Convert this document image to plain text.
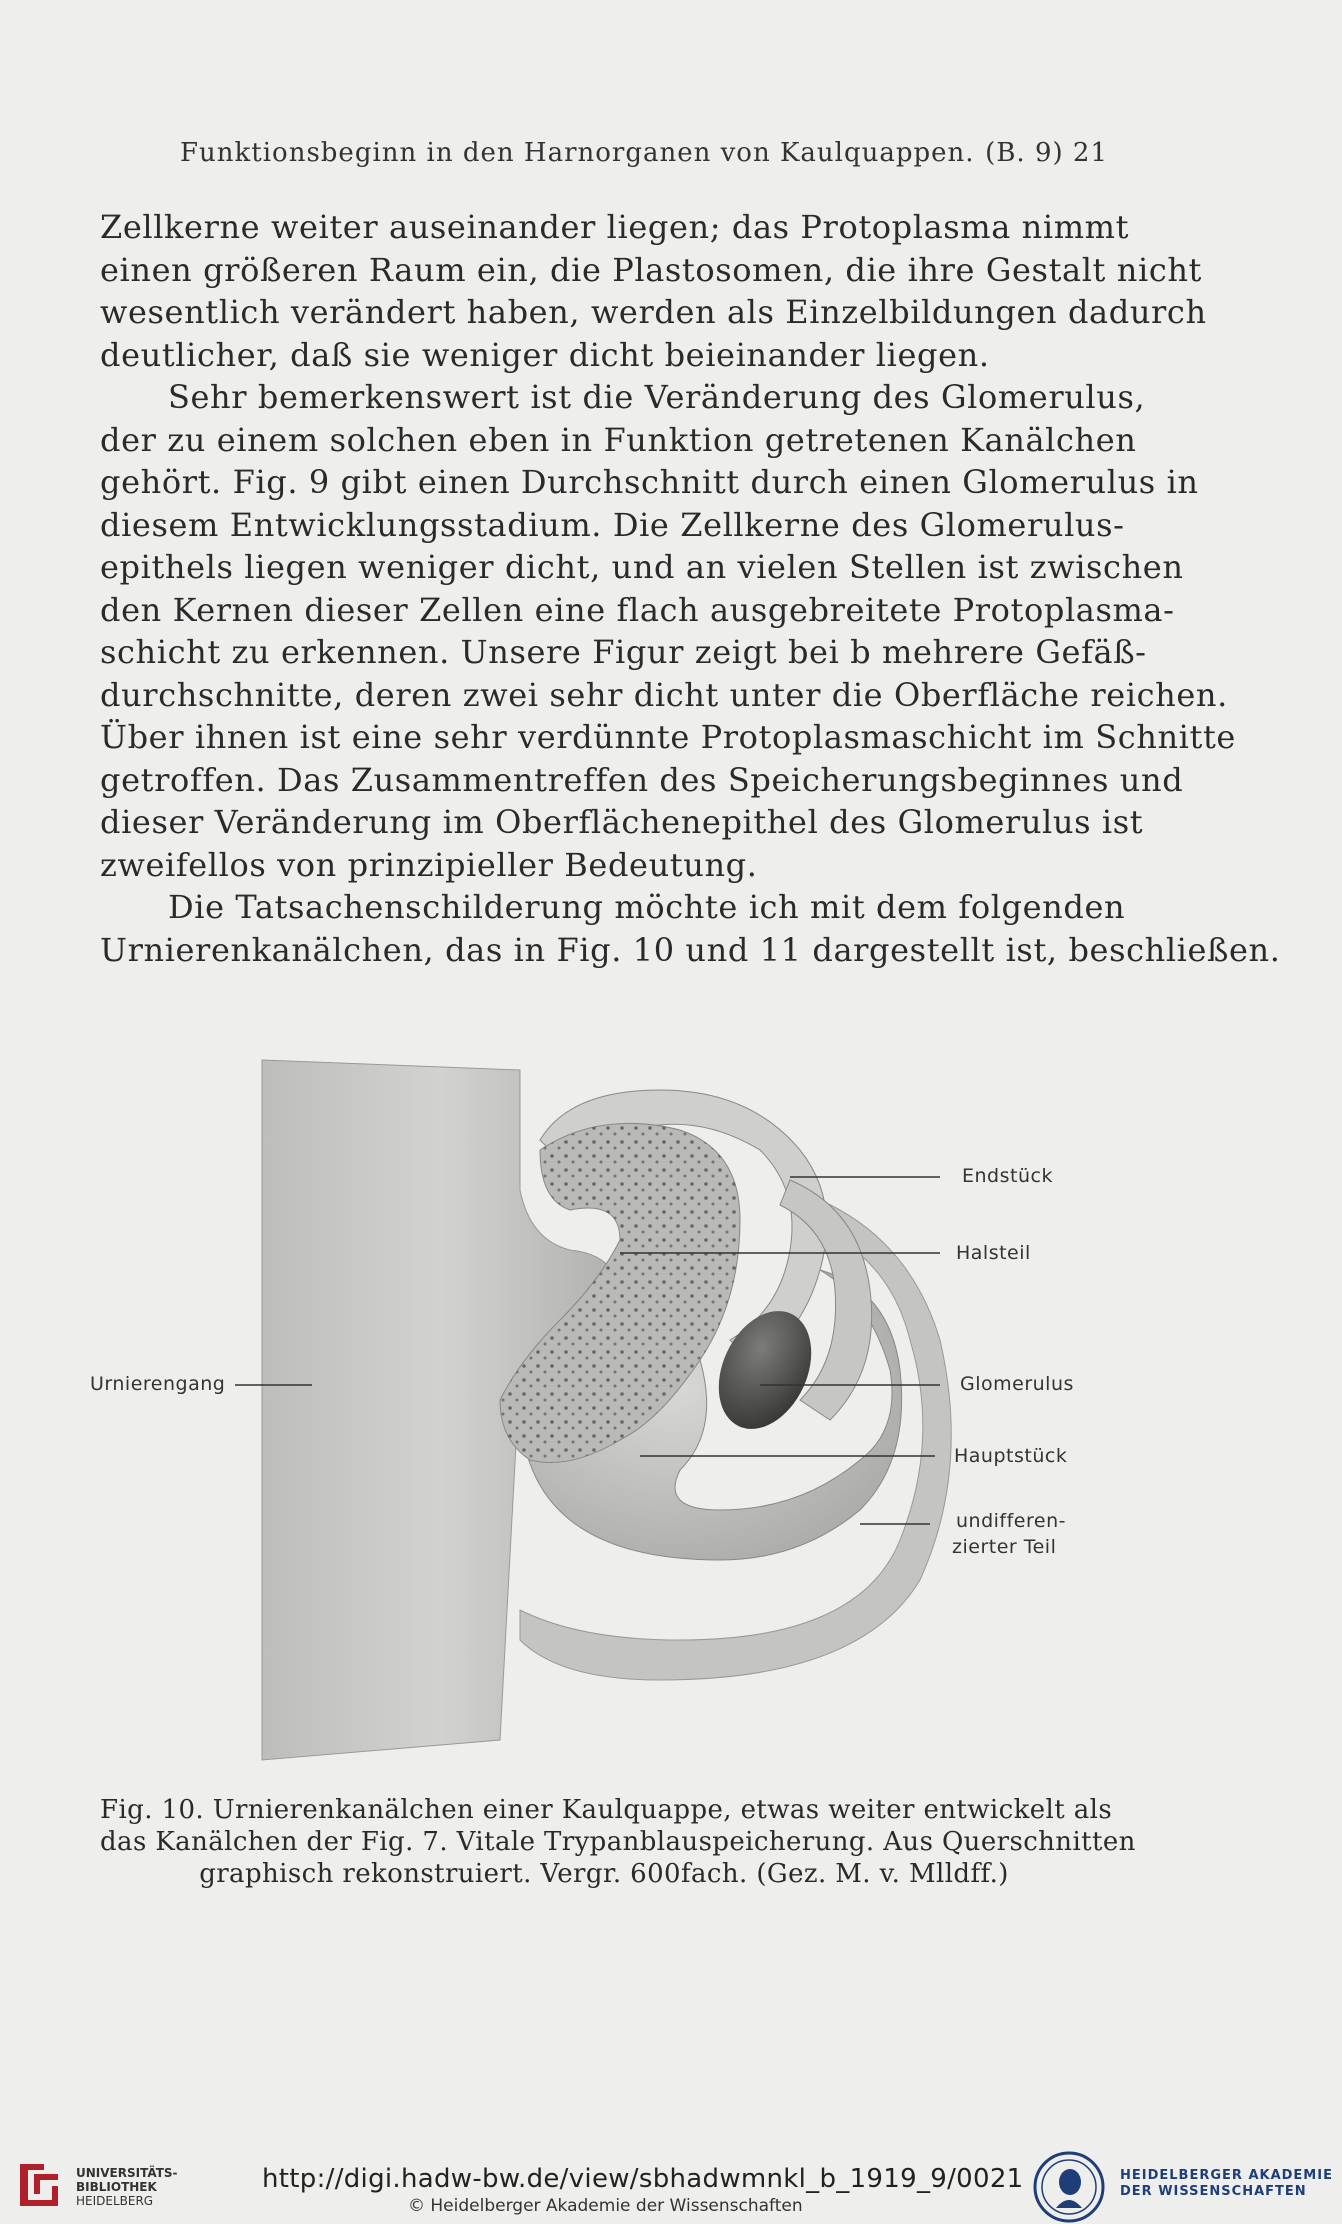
Funktionsbeginn in den Harnorganen von Kaulquappen. (B. 9) 21
Zellkerne weiter auseinander liegen; das Protoplasma nimmt
einen größeren Raum ein, die Plastosomen, die ihre Gestalt nicht
wesentlich verändert haben, werden als Einzelbildungen dadurch
deutlicher, daß sie weniger dicht beieinander liegen.
Sehr bemerkenswert ist die Veränderung des Glomerulus,
der zu einem solchen eben in Funktion getretenen Kanälchen
gehört. Fig. 9 gibt einen Durchschnitt durch einen Glomerulus in
diesem Entwicklungsstadium. Die Zellkerne des Glomerulus-
epithels liegen weniger dicht, und an vielen Stellen ist zwischen
den Kernen dieser Zellen eine flach ausgebreitete Protoplasma-
schicht zu erkennen. Unsere Figur zeigt bei b mehrere Gefäß-
durchschnitte, deren zwei sehr dicht unter die Oberfläche reichen.
Über ihnen ist eine sehr verdünnte Protoplasmaschicht im Schnitte
getroffen. Das Zusammentreffen des Speicherungsbeginnes und
dieser Veränderung im Oberflächenepithel des Glomerulus ist
zweifellos von prinzipieller Bedeutung.
Die Tatsachenschilderung möchte ich mit dem folgenden
Urnierenkanälchen, das in Fig. 10 und 11 dargestellt ist, beschließen.
Endstück
Halsteil
Urnierengang	Glomerulus
Hauptstück
undifferen-
zierter Teil
Fig. 10. Urnierenkanälchen einer Kaulquappe, etwas weiter entwickelt als
das Kanälchen der Fig. 7. Vitale Trypanblauspeicherung. Aus Querschnitten
graphisch rekonstruiert. Vergr. 600fach. (Gez. M. v. Mlldff.)
UNIVERSITÄTS-
BIBLIOTHEK
HEIDELBERG
http://digi.hadw-bw.de/view/sbhadwmnkl_b_1919_9/0021
© Heidelberger Akademie der Wissenschaften
HEIDELBERGER AKADEMIE
DER WISSENSCHAFTEN
